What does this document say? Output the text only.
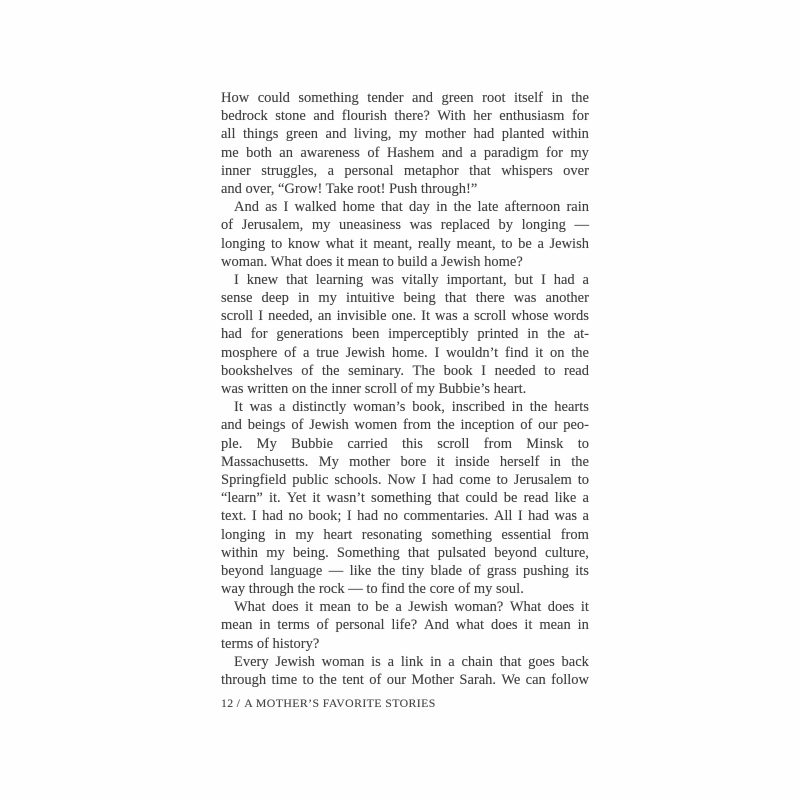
How could something tender and green root itself in the
bedrock stone and flourish there? With her enthusiasm for
all things green and living, my mother had planted within
me both an awareness of Hashem and a paradigm for my
inner struggles, a personal metaphor that whispers over
and over, “Grow! Take root! Push through!”
And as I walked home that day in the late afternoon rain
of Jerusalem, my uneasiness was replaced by longing —
longing to know what it meant, really meant, to be a Jewish
woman. What does it mean to build a Jewish home?
I knew that learning was vitally important, but I had a
sense deep in my intuitive being that there was another
scroll I needed, an invisible one. It was a scroll whose words
had for generations been imperceptibly printed in the at-
mosphere of a true Jewish home. I wouldn’t find it on the
bookshelves of the seminary. The book I needed to read
was written on the inner scroll of my Bubbie’s heart.
It was a distinctly woman’s book, inscribed in the hearts
and beings of Jewish women from the inception of our peo-
ple. My Bubbie carried this scroll from Minsk to
Massachusetts. My mother bore it inside herself in the
Springfield public schools. Now I had come to Jerusalem to
“learn” it. Yet it wasn’t something that could be read like a
text. I had no book; I had no commentaries. All I had was a
longing in my heart resonating something essential from
within my being. Something that pulsated beyond culture,
beyond language — like the tiny blade of grass pushing its
way through the rock — to find the core of my soul.
What does it mean to be a Jewish woman? What does it
mean in terms of personal life? And what does it mean in
terms of history?
Every Jewish woman is a link in a chain that goes back
through time to the tent of our Mother Sarah. We can follow
12 / A MOTHER’S FAVORITE STORIES
